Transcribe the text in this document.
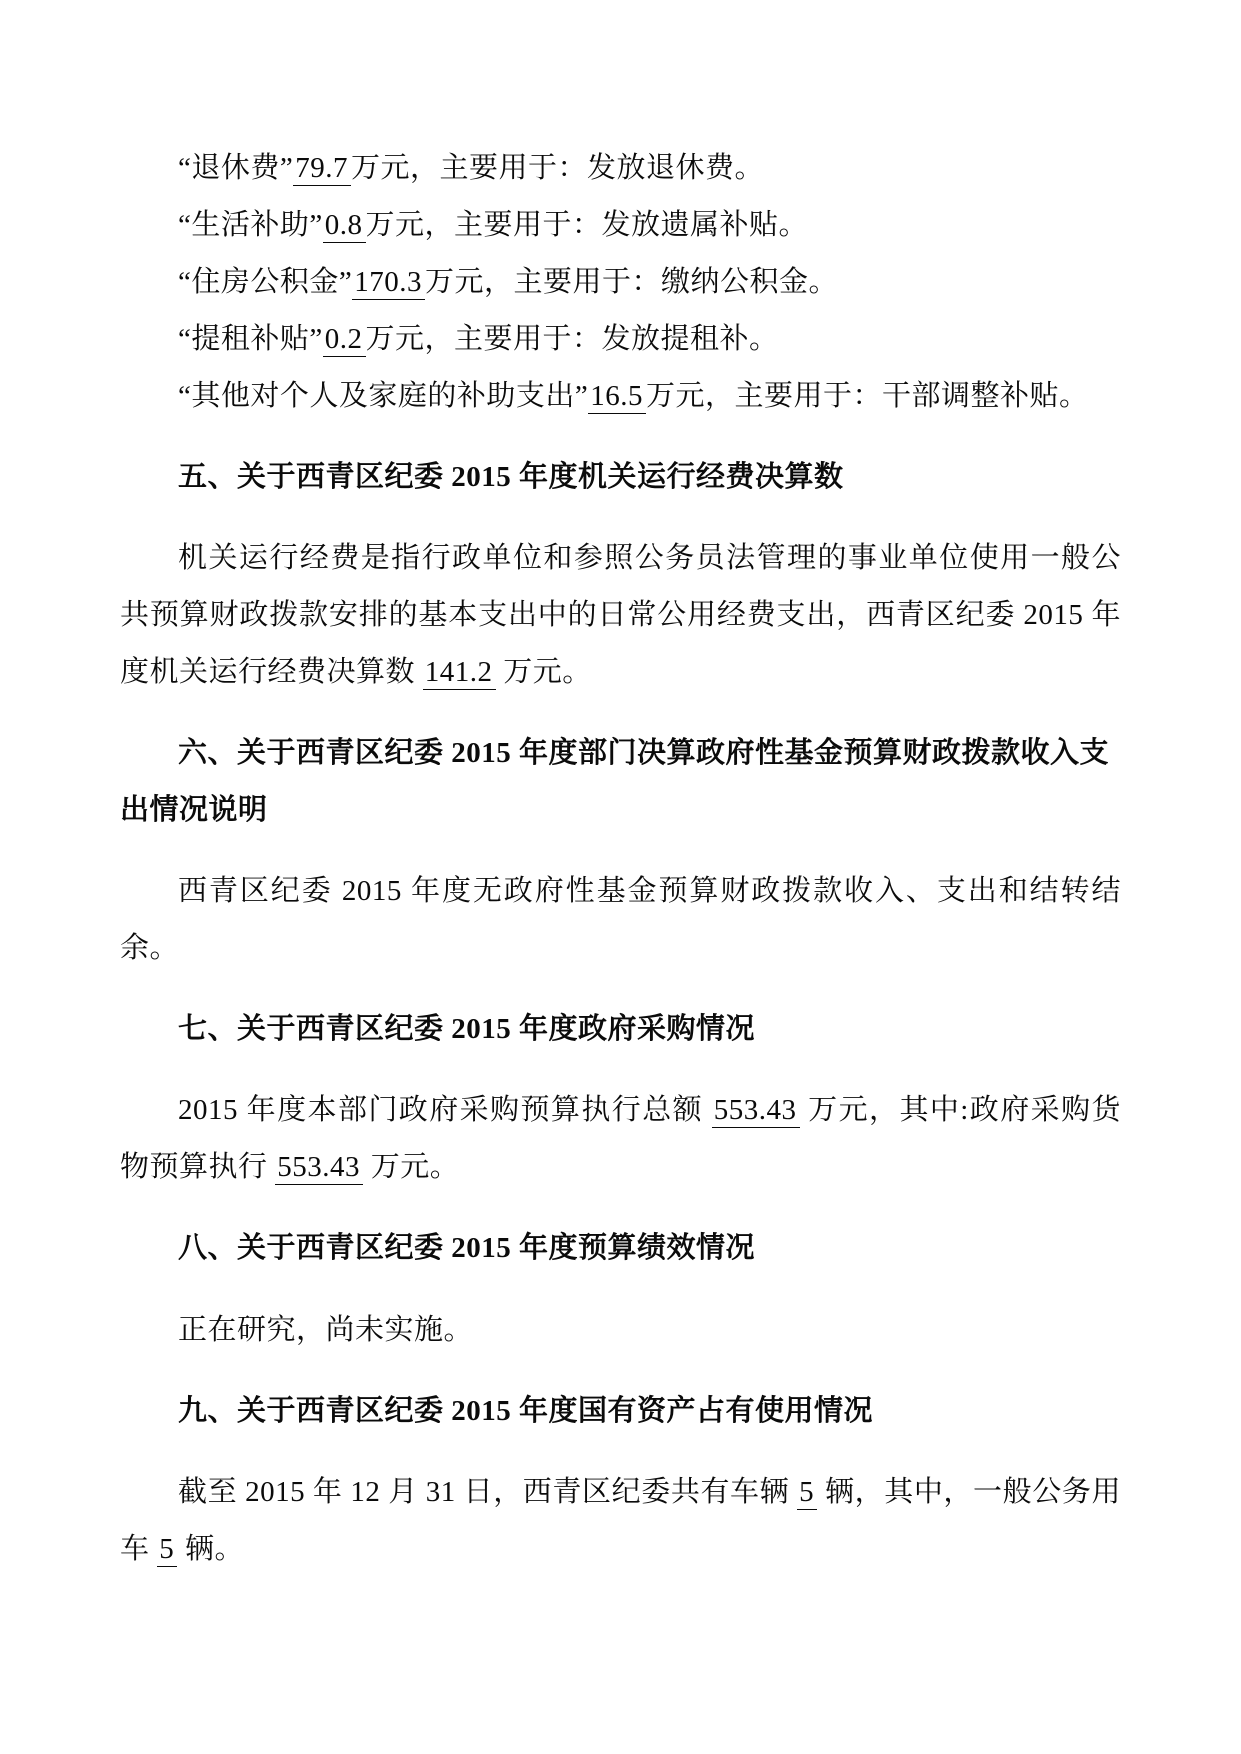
“退休费”79.7 万元，主要用于：发放退休费。

“生活补助”0.8 万元，主要用于：发放遗属补贴。

“住房公积金”170.3 万元，主要用于：缴纳公积金。

“提租补贴”0.2 万元，主要用于：发放提租补。

“其他对个人及家庭的补助支出”16.5 万元，主要用于：干部调整补贴。

五、关于西青区纪委 2015 年度机关运行经费决算数

机关运行经费是指行政单位和参照公务员法管理的事业单位使用一般公共预算财政拨款安排的基本支出中的日常公用经费支出，西青区纪委 2015 年度机关运行经费决算数 141.2 万元。

六、关于西青区纪委 2015 年度部门决算政府性基金预算财政拨款收入支出情况说明

西青区纪委 2015 年度无政府性基金预算财政拨款收入、支出和结转结余。

七、关于西青区纪委 2015 年度政府采购情况

2015 年度本部门政府采购预算执行总额 553.43 万元，其中:政府采购货物预算执行 553.43 万元。

八、关于西青区纪委 2015 年度预算绩效情况

正在研究，尚未实施。

九、关于西青区纪委 2015 年度国有资产占有使用情况

截至 2015 年 12 月 31 日，西青区纪委共有车辆 5 辆，其中，一般公务用车 5 辆。
